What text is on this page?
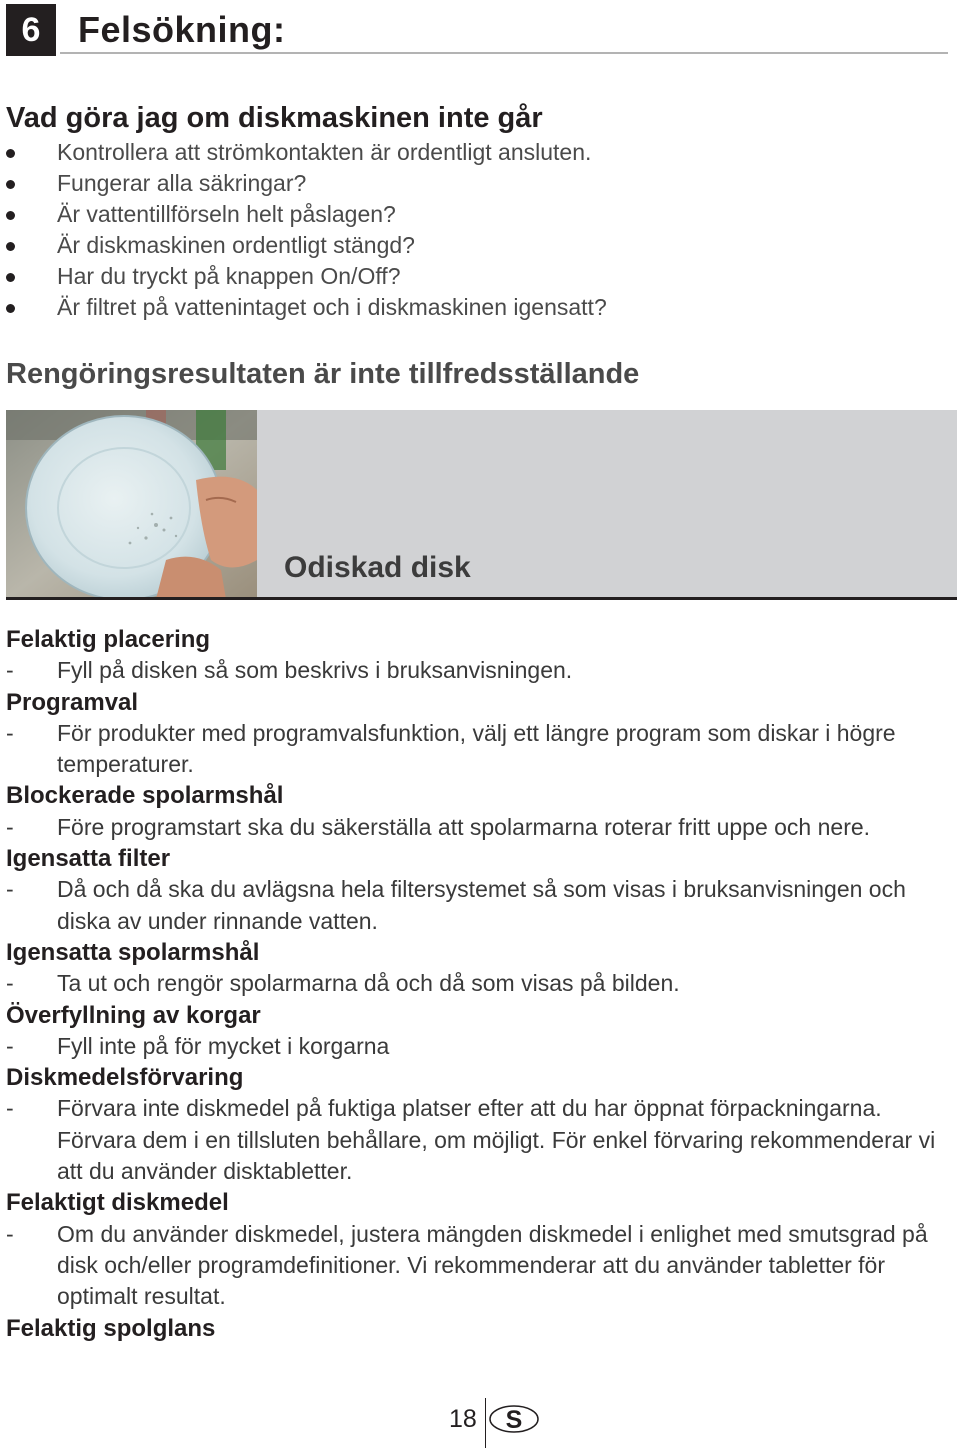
6	Felsökning:
Vad göra jag om diskmaskinen inte går
Kontrollera att strömkontakten är ordentligt ansluten.
Fungerar alla säkringar?
Är vattentillförseln helt påslagen?
Är diskmaskinen ordentligt stängd?
Har du tryckt på knappen On/Off?
Är filtret på vattenintaget och i diskmaskinen igensatt?
Rengöringsresultaten är inte tillfredsställande
Odiskad disk
Felaktig placering
- Fyll på disken så som beskrivs i bruksanvisningen.
Programval
- För produkter med programvalsfunktion, välj ett längre program som diskar i högre temperaturer.
Blockerade spolarmshål
- Före programstart ska du säkerställa att spolarmarna roterar fritt uppe och nere.
Igensatta filter
- Då och då ska du avlägsna hela filtersystemet så som visas i bruksanvisningen och diska av under rinnande vatten.
Igensatta spolarmshål
- Ta ut och rengör spolarmarna då och då som visas på bilden.
Överfyllning av korgar
- Fyll inte på för mycket i korgarna
Diskmedelsförvaring
- Förvara inte diskmedel på fuktiga platser efter att du har öppnat förpackningarna. Förvara dem i en tillsluten behållare, om möjligt. För enkel förvaring rekommenderar vi att du använder disktabletter.
Felaktigt diskmedel
- Om du använder diskmedel, justera mängden diskmedel i enlighet med smutsgrad på disk och/eller programdefinitioner. Vi rekommenderar att du använder tabletter för optimalt resultat.
Felaktig spolglans
18 S
